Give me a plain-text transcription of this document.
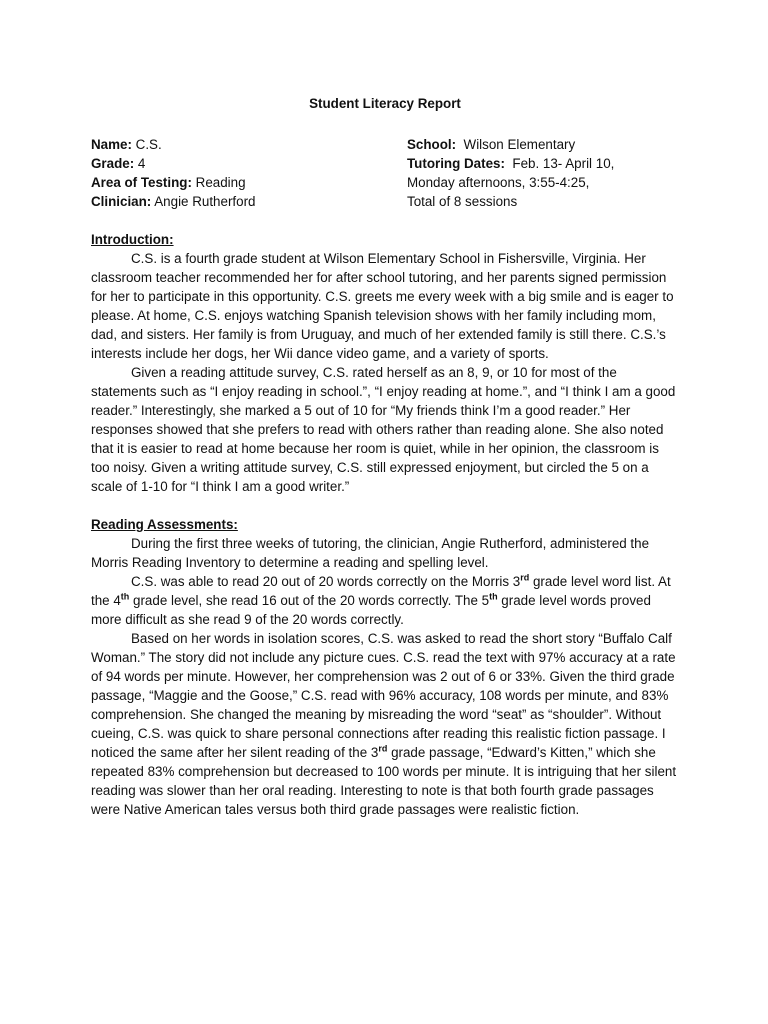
Student Literacy Report
Name: C.S.
Grade: 4
Area of Testing: Reading
Clinician: Angie Rutherford
School:  Wilson Elementary
Tutoring Dates:  Feb. 13- April 10,
Monday afternoons, 3:55-4:25,
Total of 8 sessions
Introduction:

C.S. is a fourth grade student at Wilson Elementary School in Fishersville, Virginia. Her classroom teacher recommended her for after school tutoring, and her parents signed permission for her to participate in this opportunity. C.S. greets me every week with a big smile and is eager to please. At home, C.S. enjoys watching Spanish television shows with her family including mom, dad, and sisters. Her family is from Uruguay, and much of her extended family is still there. C.S.’s interests include her dogs, her Wii dance video game, and a variety of sports.

Given a reading attitude survey, C.S. rated herself as an 8, 9, or 10 for most of the statements such as “I enjoy reading in school.”, “I enjoy reading at home.”, and “I think I am a good reader.” Interestingly, she marked a 5 out of 10 for “My friends think I’m a good reader.” Her responses showed that she prefers to read with others rather than reading alone. She also noted that it is easier to read at home because her room is quiet, while in her opinion, the classroom is too noisy. Given a writing attitude survey, C.S. still expressed enjoyment, but circled the 5 on a scale of 1-10 for “I think I am a good writer.”

Reading Assessments:

During the first three weeks of tutoring, the clinician, Angie Rutherford, administered the Morris Reading Inventory to determine a reading and spelling level.

C.S. was able to read 20 out of 20 words correctly on the Morris 3rd grade level word list. At the 4th grade level, she read 16 out of the 20 words correctly. The 5th grade level words proved more difficult as she read 9 of the 20 words correctly.

Based on her words in isolation scores, C.S. was asked to read the short story “Buffalo Calf Woman.” The story did not include any picture cues. C.S. read the text with 97% accuracy at a rate of 94 words per minute. However, her comprehension was 2 out of 6 or 33%. Given the third grade passage, “Maggie and the Goose,” C.S. read with 96% accuracy, 108 words per minute, and 83% comprehension. She changed the meaning by misreading the word “seat” as “shoulder”. Without cueing, C.S. was quick to share personal connections after reading this realistic fiction passage. I noticed the same after her silent reading of the 3rd grade passage, “Edward’s Kitten,” which she repeated 83% comprehension but decreased to 100 words per minute. It is intriguing that her silent reading was slower than her oral reading. Interesting to note is that both fourth grade passages were Native American tales versus both third grade passages were realistic fiction.
